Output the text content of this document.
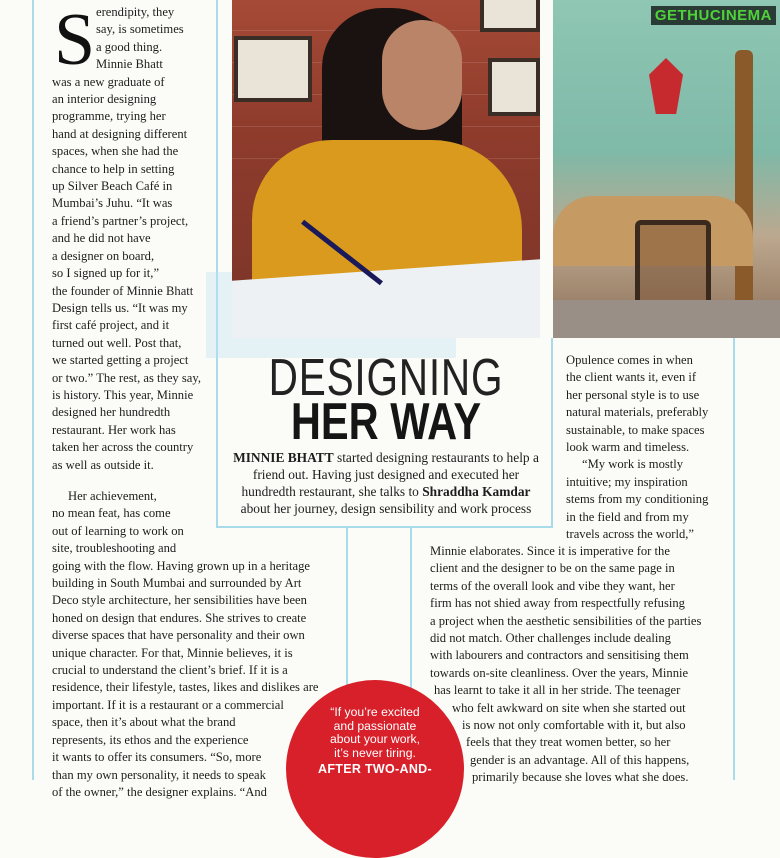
GETHUCINEMA
S erendipity, they

say, is sometimes

a good thing.

Minnie Bhatt

was a new graduate of

an interior designing

programme, trying her

hand at designing different

spaces, when she had the

chance to help in setting

up Silver Beach Café in

Mumbai’s Juhu. “It was

a friend’s partner’s project,

and he did not have

a designer on board,

so I signed up for it,”

the founder of Minnie Bhatt

Design tells us. “It was my

first café project, and it

turned out well. Post that,

we started getting a project

or two.” The rest, as they say,

is history. This year, Minnie

designed her hundredth

restaurant. Her work has

taken her across the country

as well as outside it.

Her achievement,

no mean feat, has come

out of learning to work on

site, troubleshooting and

going with the flow. Having grown up in a heritage

building in South Mumbai and surrounded by Art

Deco style architecture, her sensibilities have been

honed on design that endures. She strives to create

diverse spaces that have personality and their own

unique character. For that, Minnie believes, it is

crucial to understand the client’s brief. If it is a

residence, their lifestyle, tastes, likes and dislikes are

important. If it is a restaurant or a commercial

space, then it’s about what the brand

represents, its ethos and the experience

it wants to offer its consumers. “So, more

than my own personality, it needs to speak

of the owner,” the designer explains. “And

DESIGNING
HER WAY
MINNIE BHATT started designing restaurants to help a friend out. Having just designed and executed her hundredth restaurant, she talks to Shraddha Kamdar about her journey, design sensibility and work process

Opulence comes in when

the client wants it, even if

her personal style is to use

natural materials, preferably

sustainable, to make spaces

look warm and timeless.

“My work is mostly

intuitive; my inspiration

stems from my conditioning

in the field and from my

travels across the world,”

Minnie elaborates. Since it is imperative for the

client and the designer to be on the same page in

terms of the overall look and vibe they want, her

firm has not shied away from respectfully refusing

a project when the aesthetic sensibilities of the parties

did not match. Other challenges include dealing

with labourers and contractors and sensitising them

towards on-site cleanliness. Over the years, Minnie

has learnt to take it all in her stride. The teenager

who felt awkward on site when she started out

is now not only comfortable with it, but also

feels that they treat women better, so her

gender is an advantage. All of this happens,

primarily because she loves what she does.

“If you’re excited
and passionate
about your work,
it’s never tiring.
AFTER TWO-AND-
